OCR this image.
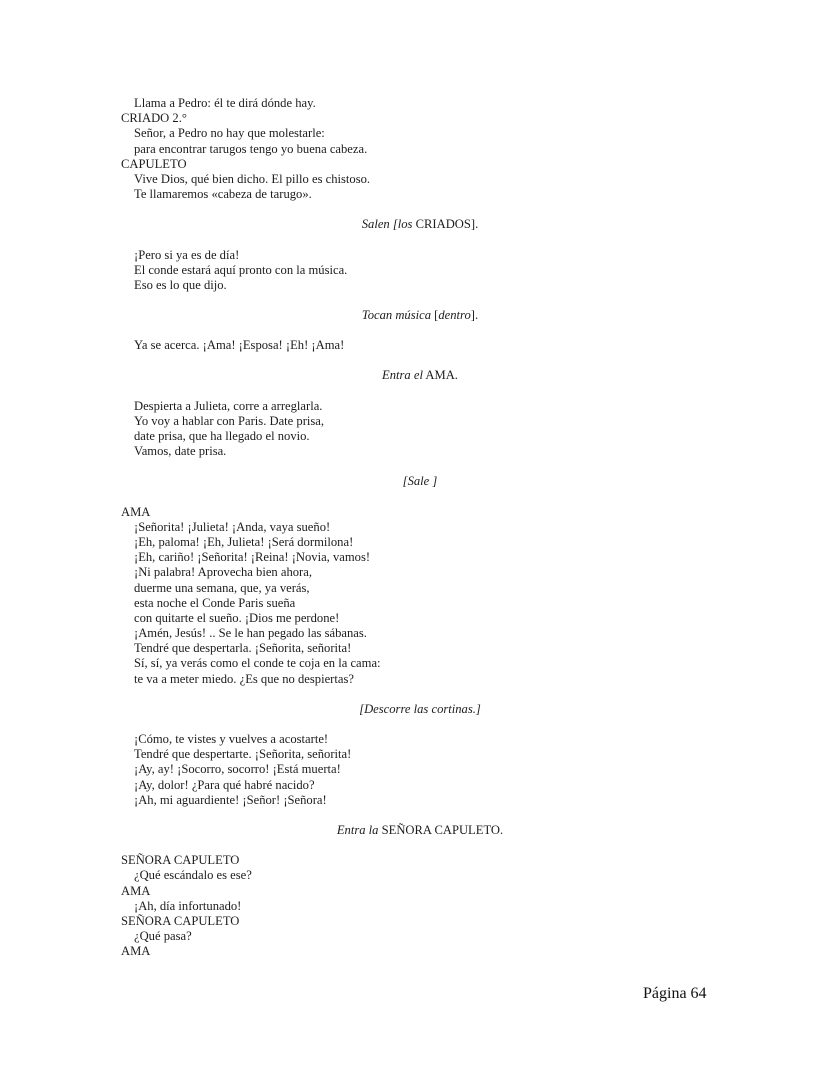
Llama a Pedro: él te dirá dónde hay.
CRIADO 2.°
Señor, a Pedro no hay que molestarle:
para encontrar tarugos tengo yo buena cabeza.
CAPULETO
Vive Dios, qué bien dicho. El pillo es chistoso.
Te llamaremos «cabeza de tarugo».
Salen [los CRIADOS].
¡Pero si ya es de día!
El conde estará aquí pronto con la música.
Eso es lo que dijo.
Tocan música [dentro].
Ya se acerca. ¡Ama! ¡Esposa! ¡Eh! ¡Ama!
Entra el AMA.
Despierta a Julieta, corre a arreglarla.
Yo voy a hablar con Paris. Date prisa,
date prisa, que ha llegado el novio.
Vamos, date prisa.
[Sale ]
AMA
¡Señorita! ¡Julieta! ¡Anda, vaya sueño!
¡Eh, paloma! ¡Eh, Julieta! ¡Será dormilona!
¡Eh, cariño! ¡Señorita! ¡Reina! ¡Novia, vamos!
¡Ni palabra! Aprovecha bien ahora,
duerme una semana, que, ya verás,
esta noche el Conde Paris sueña
con quitarte el sueño. ¡Dios me perdone!
¡Amén, Jesús! .. Se le han pegado las sábanas.
Tendré que despertarla. ¡Señorita, señorita!
Sí, sí, ya verás como el conde te coja en la cama:
te va a meter miedo. ¿Es que no despiertas?
[Descorre las cortinas.]
¡Cómo, te vistes y vuelves a acostarte!
Tendré que despertarte. ¡Señorita, señorita!
¡Ay, ay! ¡Socorro, socorro! ¡Está muerta!
¡Ay, dolor! ¿Para qué habré nacido?
¡Ah, mi aguardiente! ¡Señor! ¡Señora!
Entra la SEÑORA CAPULETO.
SEÑORA CAPULETO
¿Qué escándalo es ese?
AMA
¡Ah, día infortunado!
SEÑORA CAPULETO
¿Qué pasa?
AMA
Página 64
